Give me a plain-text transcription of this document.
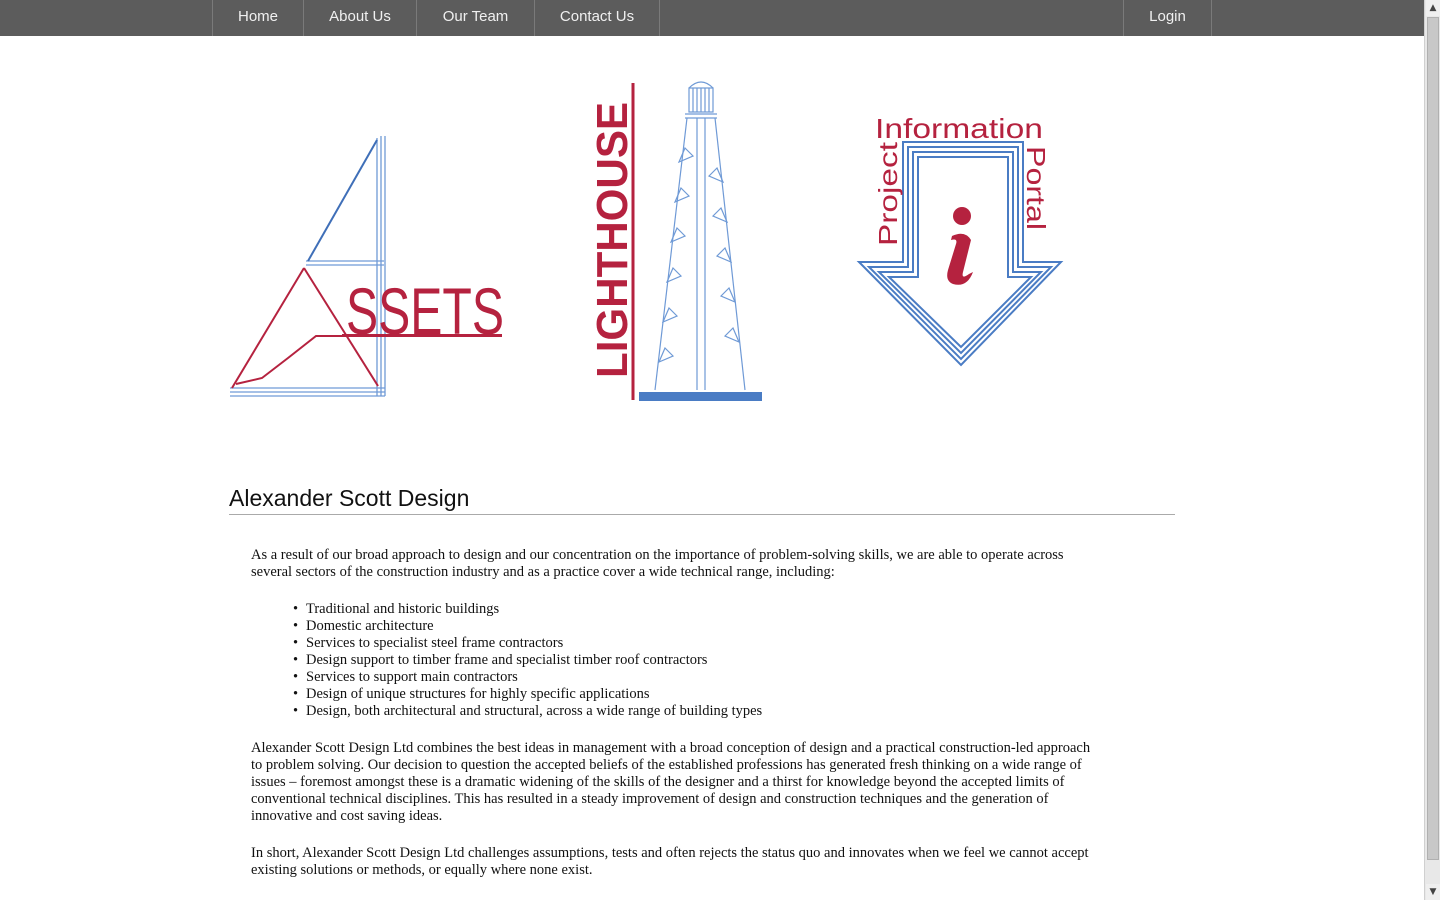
Home	About Us	Our Team	Contact Us	Login
SSETS LIGHTHOUSE	Information
Project	Portal
Alexander Scott Design

As a result of our broad approach to design and our concentration on the importance of problem-solving skills, we are able to operate across several sectors of the construction industry and as a practice cover a wide technical range, including:

• Traditional and historic buildings
• Domestic architecture
• Services to specialist steel frame contractors
• Design support to timber frame and specialist timber roof contractors
• Services to support main contractors
• Design of unique structures for highly specific applications
• Design, both architectural and structural, across a wide range of building types

Alexander Scott Design Ltd combines the best ideas in management with a broad conception of design and a practical construction-led approach to problem solving. Our decision to question the accepted beliefs of the established professions has generated fresh thinking on a wide range of issues – foremost amongst these is a dramatic widening of the skills of the designer and a thirst for knowledge beyond the accepted limits of conventional technical disciplines. This has resulted in a steady improvement of design and construction techniques and the generation of innovative and cost saving ideas.

In short, Alexander Scott Design Ltd challenges assumptions, tests and often rejects the status quo and innovates when we feel we cannot accept existing solutions or methods, or equally where none exist.

▲
▼
